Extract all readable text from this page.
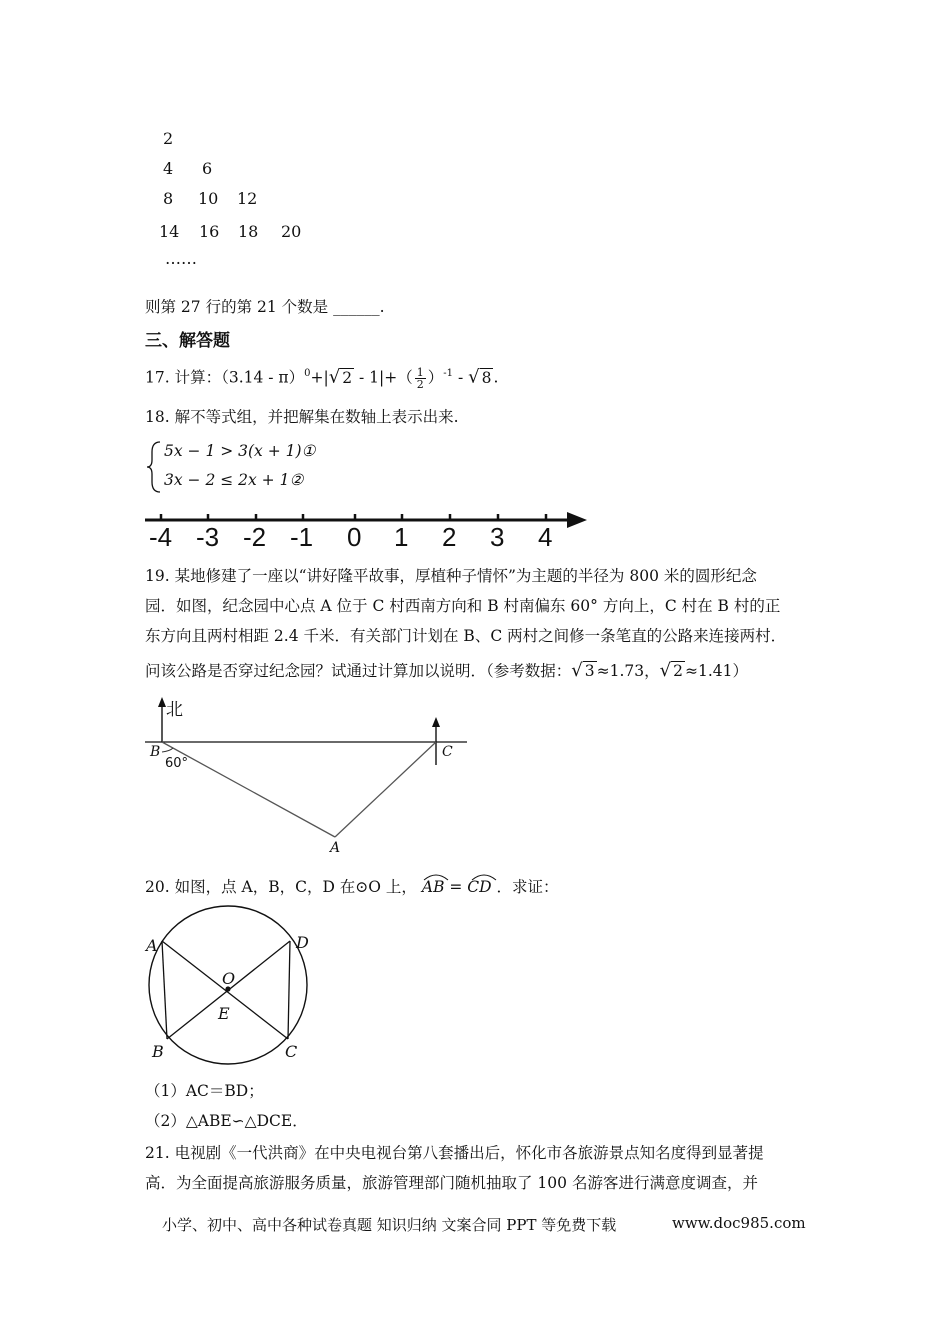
2
4 6
8 10 12
14 16 18 20
……
则第 27 行的第 21 个数是 ______.
三、解答题
17. 计算：（3.14 - π）$^0$+|√ $2 - 1|+( \frac{1}{2} )^{-1}$ - √ 8 .
18. 解不等式组，并把解集在数轴上表示出来.
5x − 1 > 3(x + 1)①
3x − 2 ≤ 2x + 1②
-4 -3 -2 -1 0 1 2 3 4
19. 某地修建了一座以“讲好隆平故事，厚植种子情怀”为主题的半径为 800 米的圆形纪念
园．如图，纪念园中心点 A 位于 C 村西南方向和 B 村南偏东 60° 方向上，C 村在 B 村的正
东方向且两村相距 2.4 千米．有关部门计划在 B、C 两村之间修一条笔直的公路来连接两村．
问该公路是否穿过纪念园？试通过计算加以说明．（参考数据：√ 3 ≈1.73，√ 2 ≈1.41）
北
B	C
A
60°
20. 如图，点 A，B，C，D 在⊙O 上， AB = CD ．求证：
A
B	C
D
O
E
（1）AC＝BD；
（2）△ABE∽△DCE．
21. 电视剧《一代洪商》在中央电视台第八套播出后，怀化市各旅游景点知名度得到显著提
高．为全面提高旅游服务质量，旅游管理部门随机抽取了 100 名游客进行满意度调查，并
小学、初中、高中各种试卷真题 知识归纳 文案合同 PPT 等免费下载	www.doc985.com
